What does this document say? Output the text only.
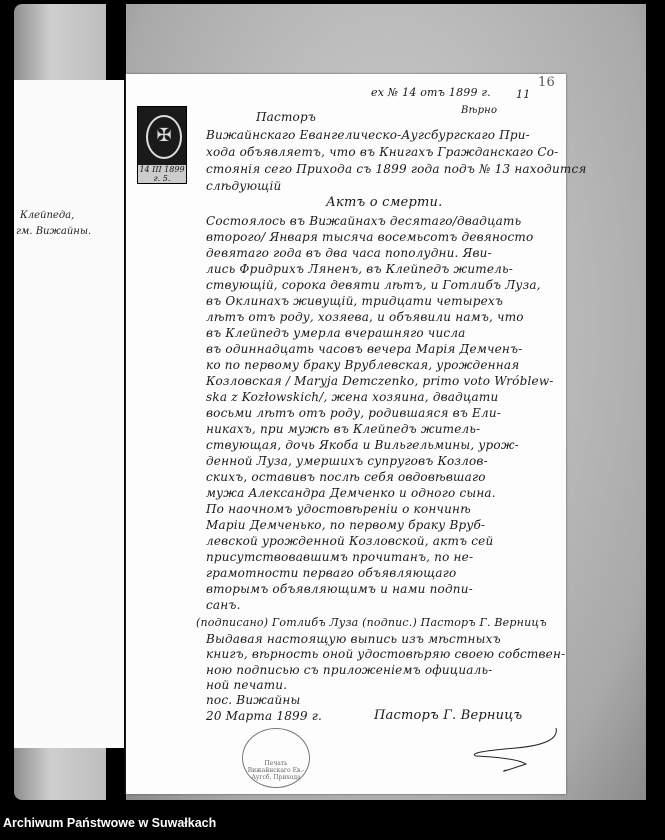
Клейпеда,
гм. Вижайны.
ех № 14 отъ 1899 г. 11
16
Вѣрно
✠
14 III 1899 г. 5.
Пасторъ
Вижайнскаго Евангелическо-Аугсбургскаго При-
хода объявляетъ, что въ Книгахъ Гражданскаго Со-
стоянія сего Прихода съ 1899 года подъ № 13 находится
слѣдующій
Актъ о смерти.
Состоялось въ Вижайнахъ десятаго/двадцать
второго/ Января тысяча восемьсотъ девяносто
девятаго года въ два часа пополудни. Яви-
лись Фридрихъ Ляненъ, въ Клейпедъ житель-
ствующій, сорока девяти лѣтъ, и Готлибъ Луза,
въ Оклинахъ живущій, тридцати четырехъ
лѣтъ отъ роду, хозяева, и объявили намъ, что
въ Клейпедъ умерла вчерашняго числа
въ одиннадцать часовъ вечера Марія Демченъ-
ко по первому браку Врублевская, урожденная
Козловская / Maryja Demczenko, primo voto Wróblew-
ska z Kozłowskich/, жена хозяина, двадцати
восьми лѣтъ отъ роду, родившаяся въ Ели-
никахъ, при мужѣ въ Клейпедъ житель-
ствующая, дочь Якоба и Вильгельмины, урож-
денной Луза, умершихъ супруговъ Козлов-
скихъ, оставивъ послѣ себя овдовѣвшаго
мужа Александра Демченко и одного сына.
По наочномъ удостовѣреніи о кончинѣ
Маріи Демченько, по первому браку Вруб-
левской урожденной Козловской, актъ сей
присутствовавшимъ прочитанъ, по не-
грамотности перваго объявляющаго
вторымъ объявляющимъ и нами подпи-
санъ.
(подписано) Готлибъ Луза (подпис.) Пасторъ Г. Верницъ
Выдавая настоящую выпись изъ мѣстныхъ
книгъ, вѣрность оной удостовѣряю своею собствен-
ною подписью съ приложеніемъ официаль-
ной печати.
пос. Вижайны
20 Марта 1899 г.	Пасторъ Г. Верницъ
Печать Вижайнскаго Ев.-Аугсб. Прихода
Archiwum Państwowe w Suwałkach
